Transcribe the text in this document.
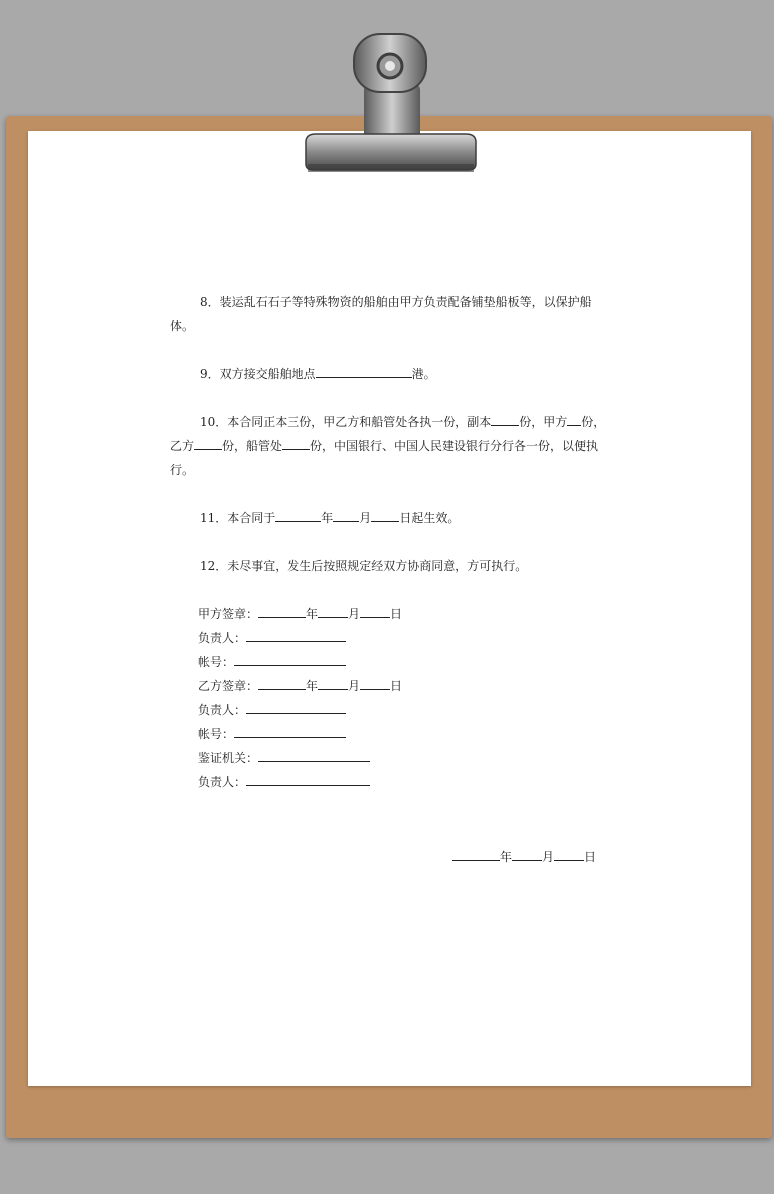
8．装运乱石石子等特殊物资的船舶由甲方负责配备铺垫船板等，以保护船体。

9．双方接交船舶地点	港。

10．本合同正本三份，甲乙方和船管处各执一份，副本 份，甲方 份，乙方 份，船管处 份，中国银行、中国人民建设银行分行各一份，以便执行。

11．本合同于	年 月 日起生效。

12．未尽事宜，发生后按照规定经双方协商同意，方可执行。

甲方签章：	年	月	日
负责人：
帐号：
乙方签章：	年	月	日
负责人：
帐号：
鉴证机关：
负责人：
年	月	日
